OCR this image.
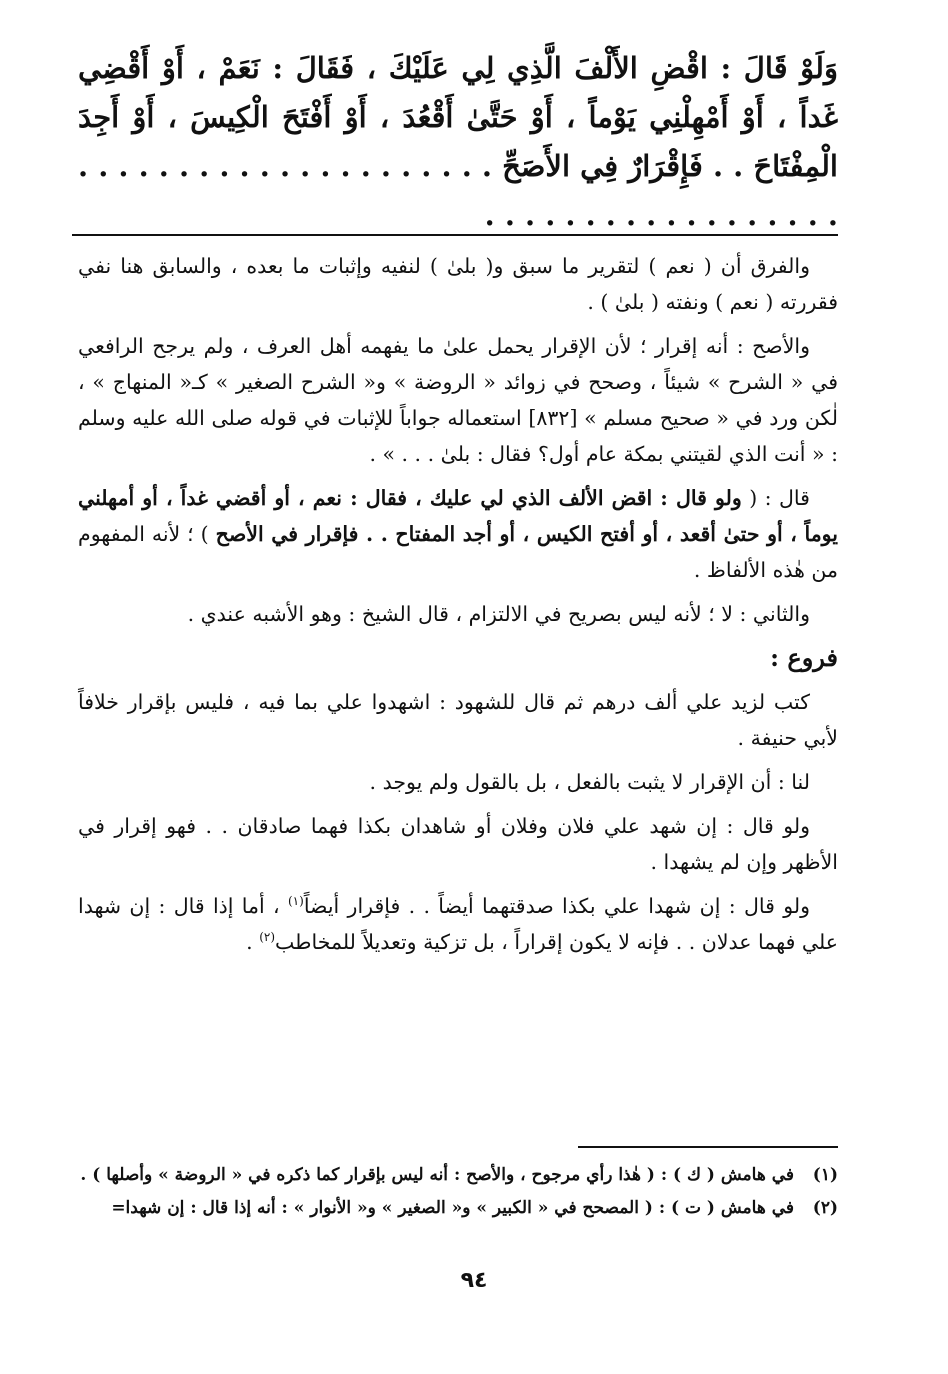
وَلَوْ قَالَ : اقْضِ الأَلْفَ الَّذِي لِي عَلَيْكَ ، فَقَالَ : نَعَمْ ، أَوْ أَقْضِي غَداً ، أَوْ أَمْهِلْنِي يَوْماً ، أَوْ حَتَّىٰ أَقْعُدَ ، أَوْ أَفْتَحَ الْكِيسَ ، أَوْ أَجِدَ الْمِفْتَاحَ . . فَإِقْرَارٌ فِي الأَصَحِّ . . . . . . . . . . . . . . . . . . . . . . . . . . . . . . . . . . . . . . .

والفرق أن ( نعم ) لتقرير ما سبق و( بلىٰ ) لنفيه وإثبات ما بعده ، والسابق هنا نفي فقررته ( نعم ) ونفته ( بلىٰ ) .

والأصح : أنه إقرار ؛ لأن الإقرار يحمل علىٰ ما يفهمه أهل العرف ، ولم يرجح الرافعي في « الشرح » شيئاً ، وصحح في زوائد « الروضة » و« الشرح الصغير » كـ« المنهاج » ، لٰكن ورد في « صحيح مسلم » [٨٣٢] استعماله جواباً للإثبات في قوله صلى الله عليه وسلم : « أنت الذي لقيتني بمكة عام أول؟ فقال : بلىٰ . . . » .

قال : ( ولو قال : اقض الألف الذي لي عليك ، فقال : نعم ، أو أقضي غداً ، أو أمهلني يوماً ، أو حتىٰ أقعد ، أو أفتح الكيس ، أو أجد المفتاح . . فإقرار في الأصح ) ؛ لأنه المفهوم من هٰذه الألفاظ .

والثاني : لا ؛ لأنه ليس بصريح في الالتزام ، قال الشيخ : وهو الأشبه عندي .

فروع :

كتب لزيد علي ألف درهم ثم قال للشهود : اشهدوا علي بما فيه ، فليس بإقرار خلافاً لأبي حنيفة .

لنا : أن الإقرار لا يثبت بالفعل ، بل بالقول ولم يوجد .

ولو قال : إن شهد علي فلان وفلان أو شاهدان بكذا فهما صادقان . . فهو إقرار في الأظهر وإن لم يشهدا .

ولو قال : إن شهدا علي بكذا صدقتهما أيضاً . . فإقرار أيضاً$^{(١)}$ ، أما إذا قال : إن شهدا علي فهما عدلان . . فإنه لا يكون إقراراً ، بل تزكية وتعديلاً للمخاطب$^{(٢)}$ .

(١)في هامش ( ك ) : ( هٰذا رأي مرجوح ، والأصح : أنه ليس بإقرار كما ذكره في « الروضة » وأصلها ) .

(٢)في هامش ( ت ) : ( المصحح في « الكبير » و« الصغير » و« الأنوار » : أنه إذا قال : إن شهدا=

٩٤
